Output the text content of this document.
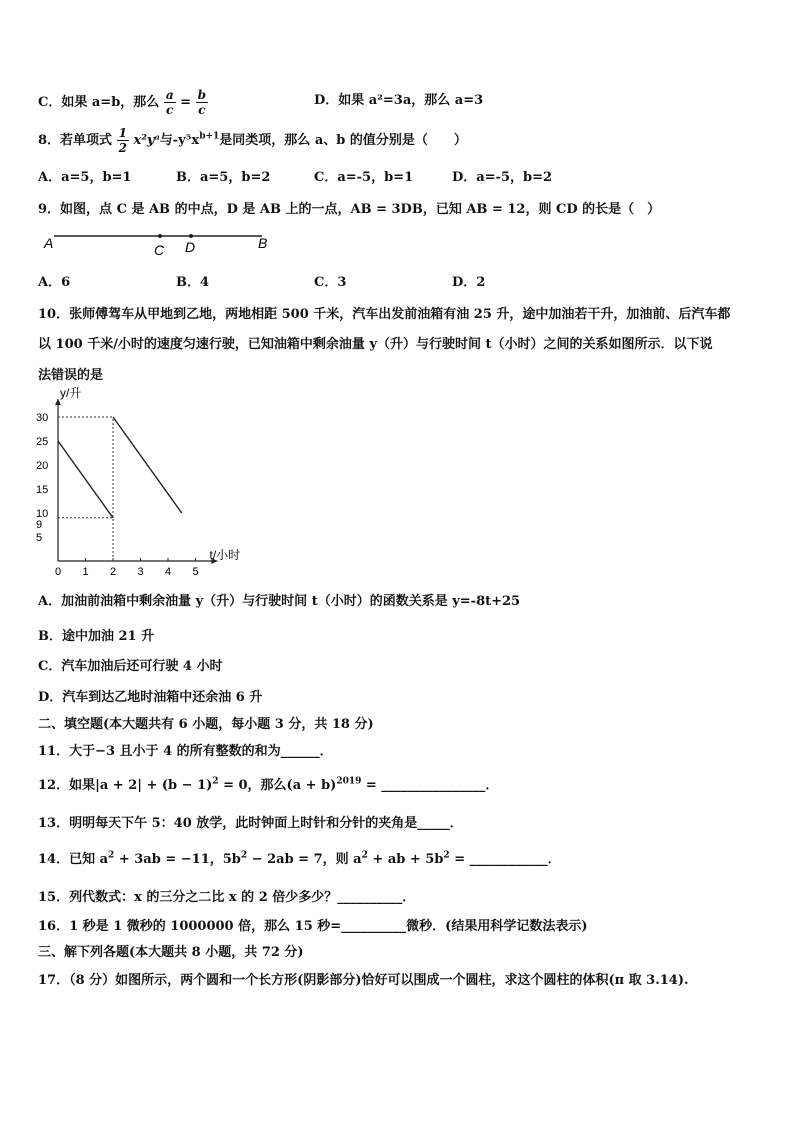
C．如果 a=b，那么 $\frac{a}{c} = \frac{b}{c}$	D．如果 a²=3a，那么 a=3
8．若单项式 $\frac{1}{2}$ x²yᵃ与$-y^5x^{b+1}$是同类项，那么 a、b 的值分别是（　　）
A．a=5，b=1	B．a=5，b=2	C．a=-5，b=1	D．a=-5，b=2
9．如图，点 C 是 AB 的中点，D 是 AB 上的一点，AB = 3DB，已知 AB = 12，则 CD 的长是（　）
A	C D	B
A．6	B．4	C．3	D．2
10．张师傅驾车从甲地到乙地，两地相距 500 千米，汽车出发前油箱有油 25 升，途中加油若干升，加油前、后汽车都
以 100 千米/小时的速度匀速行驶，已知油箱中剩余油量 y（升）与行驶时间 t（小时）之间的关系如图所示．以下说
法错误的是
y/升
t/小时
0 1 2 3 4 5
5
9
10
15
20
25
30
A．加油前油箱中剩余油量 y（升）与行驶时间 t（小时）的函数关系是 y=-8t+25
B．途中加油 21 升
C．汽车加油后还可行驶 4 小时
D．汽车到达乙地时油箱中还余油 6 升
二、填空题(本大题共有 6 小题，每小题 3 分，共 18 分)
11．大于−3 且小于 4 的所有整数的和为______．
12．如果$|a + 2| + (b - 1)^2 = 0$，那么$(a + b)^{2019}$ = ________________．
13．明明每天下午 5：40 放学，此时钟面上时针和分针的夹角是_____．
14．已知 $a^2 + 3ab = -11$，$5b^2 - 2ab = 7$，则 $a^2$ + ab + $5b^2$ = ____________．
15．列代数式：x 的三分之二比 x 的 2 倍少多少？__________．
16．1 秒是 1 微秒的 1000000 倍，那么 15 秒=__________微秒．(结果用科学记数法表示)
三、解下列各题(本大题共 8 小题，共 72 分)
17．（8 分）如图所示，两个圆和一个长方形(阴影部分)恰好可以围成一个圆柱，求这个圆柱的体积(π 取 3.14).
